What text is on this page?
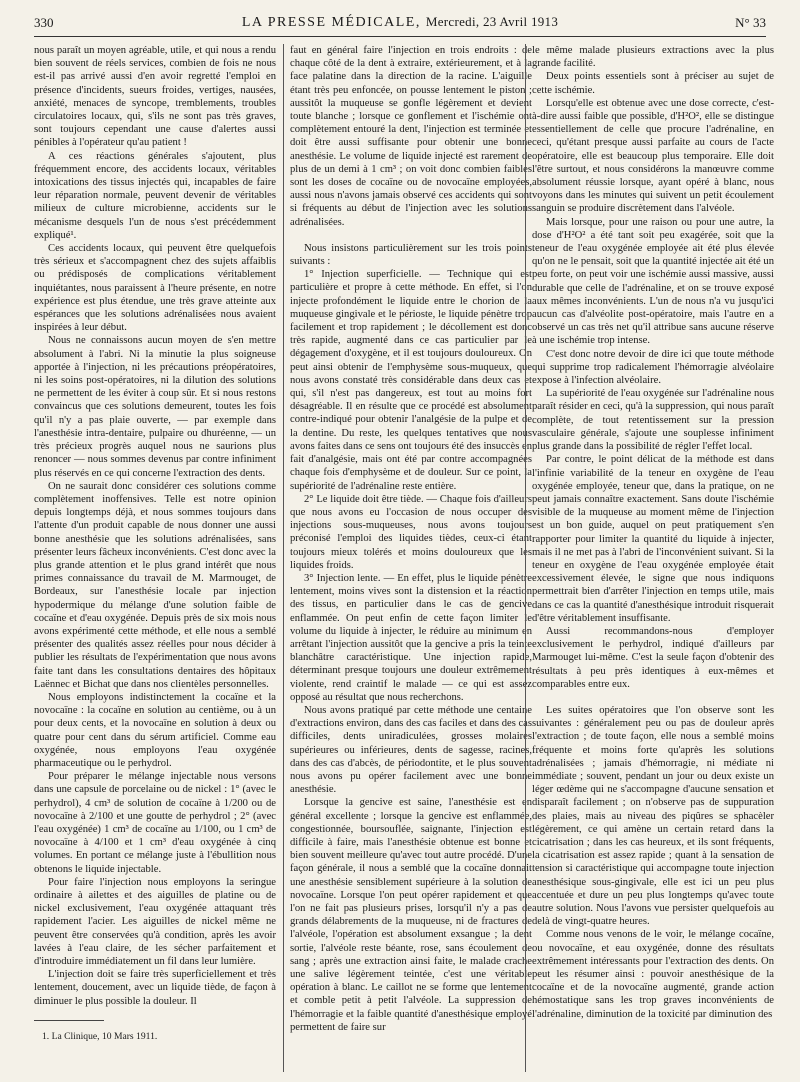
330	LA PRESSE MÉDICALE, Mercredi, 23 Avril 1913	N° 33

nous paraît un moyen agréable, utile, et qui nous a rendu bien souvent de réels services, combien de fois ne nous est-il pas arrivé aussi d'en avoir regretté l'emploi en présence d'incidents, sueurs froides, vertiges, nausées, anxiété, menaces de syncope, tremblements, troubles circulatoires locaux, qui, s'ils ne sont pas très graves, sont toujours cependant une cause d'alertes aussi pénibles à l'opérateur qu'au patient !

A ces réactions générales s'ajoutent, plus fréquemment encore, des accidents locaux, véritables intoxications des tissus injectés qui, incapables de faire leur réparation normale, peuvent devenir de véritables milieux de culture microbienne, accidents sur le mécanisme desquels l'un de nous s'est précédemment expliqué¹.

Ces accidents locaux, qui peuvent être quelquefois très sérieux et s'accompagnent chez des sujets affaiblis ou prédisposés de complications véritablement inquiétantes, nous paraissent à l'heure présente, en notre expérience est plus étendue, une très grave atteinte aux espérances que les solutions adrénalisées nous avaient inspirées à leur début.

Nous ne connaissons aucun moyen de s'en mettre absolument à l'abri. Ni la minutie la plus soigneuse apportée à l'injection, ni les précautions préopératoires, ni les soins post-opératoires, ni la dilution des solutions ne permettent de les éviter à coup sûr. Et si nous restons convaincus que ces solutions demeurent, toutes les fois qu'il n'y a pas plaie ouverte, — par exemple dans l'anesthésie intra-dentaire, pulpaire ou dhuréenne, — un très précieux progrès auquel nous ne saurions plus renoncer — nous sommes devenus par contre infiniment plus réservés en ce qui concerne l'extraction des dents.

On ne saurait donc considérer ces solutions comme complètement inoffensives. Telle est notre opinion depuis longtemps déjà, et nous sommes toujours dans l'attente d'un produit capable de nous donner une aussi bonne anesthésie que les solutions adrénalisées, sans présenter leurs fâcheux inconvénients. C'est donc avec la plus grande attention et le plus grand intérêt que nous primes connaissance du travail de M. Marmouget, de Bordeaux, sur l'anesthésie locale par injection hypodermique du mélange d'une solution faible de cocaïne et d'eau oxygénée. Depuis près de six mois nous avons expérimenté cette méthode, et elle nous a semblé présenter des qualités assez réelles pour nous décider à publier les résultats de l'expérimentation que nous avons faite tant dans les consultations dentaires des hôpitaux Laënnec et Bichat que dans nos clientèles personnelles.

Nous employons indistinctement la cocaïne et la novocaïne : la cocaïne en solution au centième, ou à un pour deux cents, et la novocaïne en solution à deux ou quatre pour cent dans du sérum artificiel. Comme eau oxygénée, nous employons l'eau oxygénée pharmaceutique ou le perhydrol.

Pour préparer le mélange injectable nous versons dans une capsule de porcelaine ou de nickel : 1° (avec le perhydrol), 4 cm³ de solution de cocaïne à 1/200 ou de novocaïne à 2/100 et une goutte de perhydrol ; 2° (avec l'eau oxygénée) 1 cm³ de cocaïne au 1/100, ou 1 cm³ de novocaïne à 4/100 et 1 cm³ d'eau oxygénée à cinq volumes. En portant ce mélange juste à l'ébullition nous obtenons le liquide injectable.

Pour faire l'injection nous employons la seringue ordinaire à ailettes et des aiguilles de platine ou de nickel exclusivement, l'eau oxygénée attaquant très rapidement l'acier. Les aiguilles de nickel même ne peuvent être conservées qu'à condition, après les avoir lavées à l'eau claire, de les sécher parfaitement et d'introduire immédiatement un fil dans leur lumière.

L'injection doit se faire très superficiellement et très lentement, doucement, avec un liquide tiède, de façon à diminuer le plus possible la douleur. Il

1. La Clinique, 10 Mars 1911.

faut en général faire l'injection en trois endroits : de chaque côté de la dent à extraire, extérieurement, et à la face palatine dans la direction de la racine. L'aiguille étant très peu enfoncée, on pousse lentement le piston ; aussitôt la muqueuse se gonfle légèrement et devient toute blanche ; lorsque ce gonflement et l'ischémie ont complètement entouré la dent, l'injection est terminée et doit être aussi suffisante pour obtenir une bonne anesthésie. Le volume de liquide injecté est rarement de plus de un demi à 1 cm³ ; on voit donc combien faibles sont les doses de cocaïne ou de novocaïne employées, aussi nous n'avons jamais observé ces accidents qui sont si fréquents au début de l'injection avec les solutions adrénalisées.

Nous insistons particulièrement sur les trois points suivants :

1° Injection superficielle. — Technique qui est particulière et propre à cette méthode. En effet, si l'on injecte profondément le liquide entre le chorion de la muqueuse gingivale et le périoste, le liquide pénètre trop facilement et trop rapidement ; le décollement est donc très rapide, augmenté dans ce cas particulier par le dégagement d'oxygène, et il est toujours douloureux. On peut ainsi obtenir de l'emphysème sous-muqueux, que nous avons constaté très considérable dans deux cas et qui, s'il n'est pas dangereux, est tout au moins fort désagréable. Il en résulte que ce procédé est absolument contre-indiqué pour obtenir l'analgésie de la pulpe et de la dentine. Du reste, les quelques tentatives que nous avons faites dans ce sens ont toujours été des insuccès en fait d'analgésie, mais ont été par contre accompagnées chaque fois d'emphysème et de douleur. Sur ce point, la supériorité de l'adrénaline reste entière.

2° Le liquide doit être tiède. — Chaque fois d'ailleurs que nous avons eu l'occasion de nous occuper des injections sous-muqueuses, nous avons toujours préconisé l'emploi des liquides tièdes, ceux-ci étant toujours mieux tolérés et moins douloureux que les liquides froids.

3° Injection lente. — En effet, plus le liquide pénètre lentement, moins vives sont la distension et la réaction des tissus, en particulier dans le cas de gencive enflammée. On peut enfin de cette façon limiter le volume du liquide à injecter, le réduire au minimum en arrêtant l'injection aussitôt que la gencive a pris la teinte blanchâtre caractéristique. Une injection rapide, déterminant presque toujours une douleur extrêmement violente, rend craintif le malade — ce qui est assez opposé au résultat que nous recherchons.

Nous avons pratiqué par cette méthode une centaine d'extractions environ, dans des cas faciles et dans des cas difficiles, dents uniradiculées, grosses molaires supérieures ou inférieures, dents de sagesse, racines, dans des cas d'abcès, de périodontite, et le plus souvent nous avons pu opérer facilement avec une bonne anesthésie.

Lorsque la gencive est saine, l'anesthésie est en général excellente ; lorsque la gencive est enflammée, congestionnée, boursouflée, saignante, l'injection est difficile à faire, mais l'anesthésie obtenue est bonne et bien souvent meilleure qu'avec tout autre procédé. D'une façon générale, il nous a semblé que la cocaïne donnait une anesthésie sensiblement supérieure à la solution de novocaïne. Lorsque l'on peut opérer rapidement et que l'on ne fait pas plusieurs prises, lorsqu'il n'y a pas de grands délabrements de la muqueuse, ni de fractures de l'alvéole, l'opération est absolument exsangue ; la dent sortie, l'alvéole reste béante, rose, sans écoulement de sang ; après une extraction ainsi faite, le malade crache une salive légèrement teintée, c'est une véritable opération à blanc. Le caillot ne se forme que lentement et comble petit à petit l'alvéole. La suppression de l'hémorragie et la faible quantité d'anesthésique employé permettent de faire sur

le même malade plusieurs extractions avec la plus grande facilité.

Deux points essentiels sont à préciser au sujet de cette ischémie.

Lorsqu'elle est obtenue avec une dose correcte, c'est-à-dire aussi faible que possible, d'H²O², elle se distingue essentiellement de celle que procure l'adrénaline, en ceci, qu'étant presque aussi parfaite au cours de l'acte opératoire, elle est beaucoup plus temporaire. Elle doit l'être surtout, et nous considérons la manœuvre comme absolument réussie lorsque, ayant opéré à blanc, nous voyons dans les minutes qui suivent un petit écoulement sanguin se produire discrètement dans l'alvéole.

Mais lorsque, pour une raison ou pour une autre, la dose d'H²O² a été tant soit peu exagérée, soit que la teneur de l'eau oxygénée employée ait été plus élevée qu'on ne le pensait, soit que la quantité injectée ait été un peu forte, on peut voir une ischémie aussi massive, aussi durable que celle de l'adrénaline, et on se trouve exposé aux mêmes inconvénients. L'un de nous n'a vu jusqu'ici aucun cas d'alvéolite post-opératoire, mais l'autre en a observé un cas très net qu'il attribue sans aucune réserve à une ischémie trop intense.

C'est donc notre devoir de dire ici que toute méthode qui supprime trop radicalement l'hémorragie alvéolaire expose à l'infection alvéolaire.

La supériorité de l'eau oxygénée sur l'adrénaline nous paraît résider en ceci, qu'à la suppression, qui nous paraît complète, de tout retentissement sur la pression vasculaire générale, s'ajoute une souplesse infiniment plus grande dans la possibilité de régler l'effet local.

Par contre, le point délicat de la méthode est dans l'infinie variabilité de la teneur en oxygène de l'eau oxygénée employée, teneur que, dans la pratique, on ne peut jamais connaître exactement. Sans doute l'ischémie visible de la muqueuse au moment même de l'injection est un bon guide, auquel on peut pratiquement s'en rapporter pour limiter la quantité du liquide à injecter, mais il ne met pas à l'abri de l'inconvénient suivant. Si la teneur en oxygène de l'eau oxygénée employée était excessivement élevée, le signe que nous indiquons permettrait bien d'arrêter l'injection en temps utile, mais dans ce cas la quantité d'anesthésique introduit risquerait d'être véritablement insuffisante.

Aussi recommandons-nous d'employer exclusivement le perhydrol, indiqué d'ailleurs par Marmouget lui-même. C'est la seule façon d'obtenir des résultats à peu près identiques à eux-mêmes et comparables entre eux.

Les suites opératoires que l'on observe sont les suivantes : généralement peu ou pas de douleur après l'extraction ; de toute façon, elle nous a semblé moins fréquente et moins forte qu'après les solutions adrénalisées ; jamais d'hémorragie, ni médiate ni immédiate ; souvent, pendant un jour ou deux existe un léger œdème qui ne s'accompagne d'aucune sensation et disparaît facilement ; on n'observe pas de suppuration des plaies, mais au niveau des piqûres se sphacèler légèrement, ce qui amène un certain retard dans la cicatrisation ; dans les cas heureux, et ils sont fréquents, la cicatrisation est assez rapide ; quant à la sensation de tension si caractéristique qui accompagne toute injection anesthésique sous-gingivale, elle est ici un peu plus accentuée et dure un peu plus longtemps qu'avec toute autre solution. Nous l'avons vue persister quelquefois au delà de vingt-quatre heures.

Comme nous venons de le voir, le mélange cocaïne, ou novocaïne, et eau oxygénée, donne des résultats extrêmement intéressants pour l'extraction des dents. On peut les résumer ainsi : pouvoir anesthésique de la cocaïne et de la novocaïne augmenté, grande action hémostatique sans les trop graves inconvénients de l'adrénaline, diminution de la toxicité par diminution des
